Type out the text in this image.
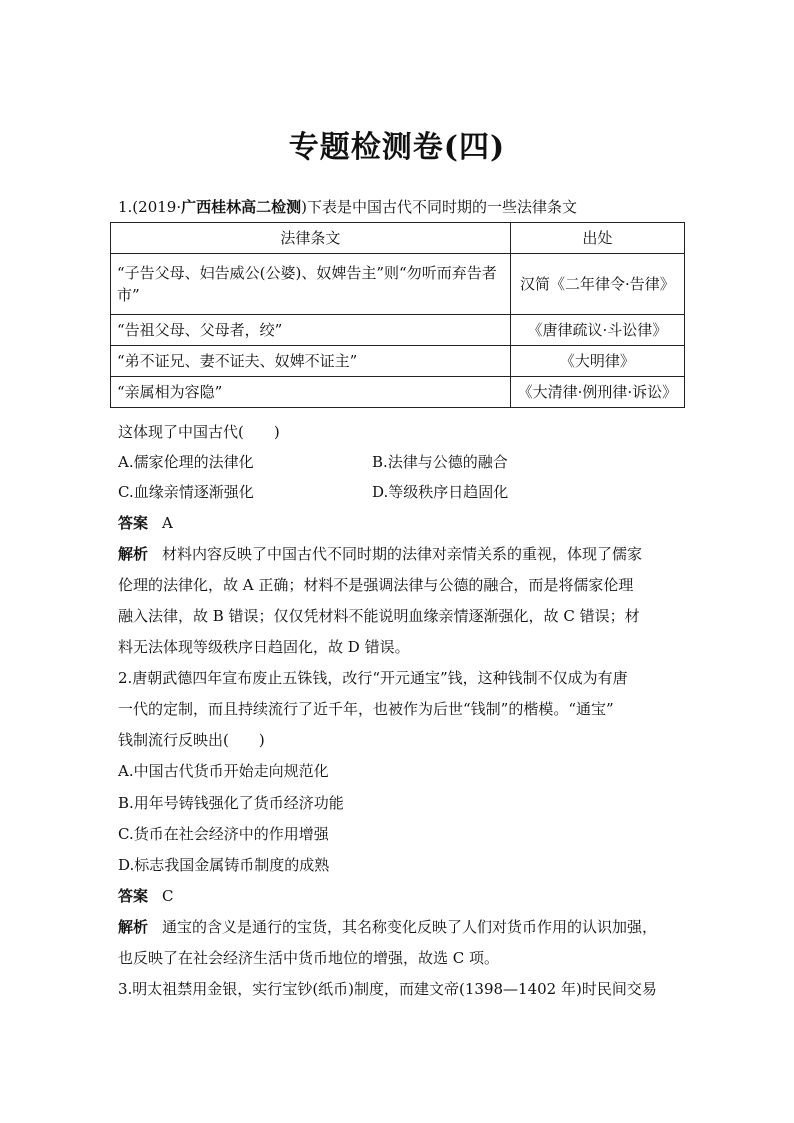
专题检测卷(四)
1.(2019·广西桂林高二检测)下表是中国古代不同时期的一些法律条文
法律条文	出处
“子告父母、妇告威公(公婆)、奴婢告主”则“勿听而弃告者市”	汉简《二年律令·告律》
“告祖父母、父母者，绞”	《唐律疏议·斗讼律》
“弟不证兄、妻不证夫、奴婢不证主”	《大明律》
“亲属相为容隐”	《大清律·例刑律·诉讼》
这体现了中国古代(　　)
A.儒家伦理的法律化	B.法律与公德的融合
C.血缘亲情逐渐强化	D.等级秩序日趋固化
答案 A
解析 材料内容反映了中国古代不同时期的法律对亲情关系的重视，体现了儒家
伦理的法律化，故 A 正确；材料不是强调法律与公德的融合，而是将儒家伦理
融入法律，故 B 错误；仅仅凭材料不能说明血缘亲情逐渐强化，故 C 错误；材
料无法体现等级秩序日趋固化，故 D 错误。
2.唐朝武德四年宣布废止五铢钱，改行“开元通宝”钱，这种钱制不仅成为有唐
一代的定制，而且持续流行了近千年，也被作为后世“钱制”的楷模。“通宝”
钱制流行反映出(　　)
A.中国古代货币开始走向规范化
B.用年号铸钱强化了货币经济功能
C.货币在社会经济中的作用增强
D.标志我国金属铸币制度的成熟
答案 C
解析 通宝的含义是通行的宝货，其名称变化反映了人们对货币作用的认识加强，
也反映了在社会经济生活中货币地位的增强，故选 C 项。
3.明太祖禁用金银，实行宝钞(纸币)制度，而建文帝(1398—1402 年)时民间交易
